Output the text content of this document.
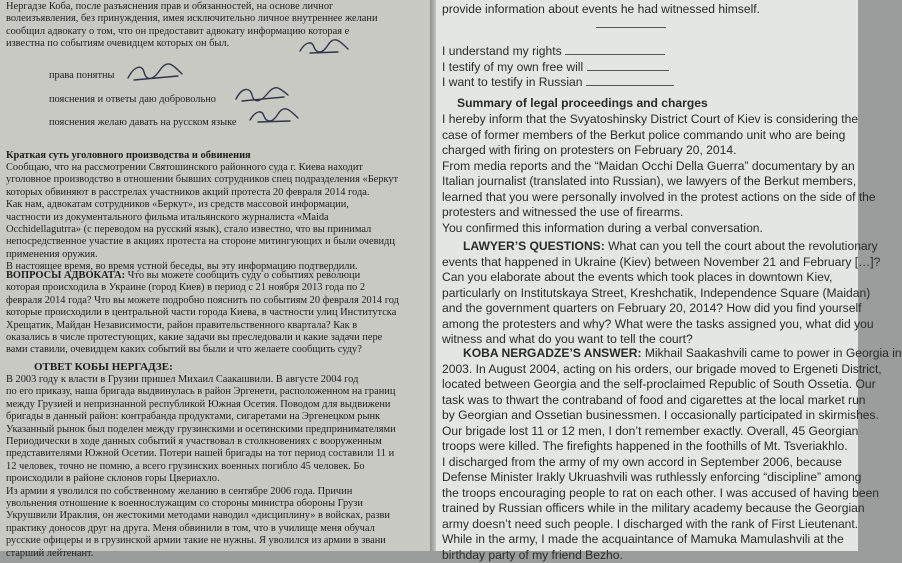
Нергадзе Коба, после разъяснения прав и обязанностей, на основе личног
волеизъявления, без принуждения, имея исключительно личное внутреннее желани
сообщил адвокату о том, что он предоставит адвокату информацию которая е
известна по событиям очевидцем которых он был.
права понятны
пояснения и ответы даю добровольно
пояснения желаю давать на русском языке
Краткая суть уголовного производства и обвинения
Сообщаю, что на рассмотрении Святошинского районного суда г. Киева находит
уголовное производство в отношении бывших сотрудников спец подразделения «Беркут
которых обвиняют в расстрелах участников акций протеста 20 февраля 2014 года.
Как нам, адвокатам сотрудников «Беркут», из средств массовой информации,
частности из документального фильма итальянского журналиста «Maida
Occhidellagutrra» (с переводом на русский язык), стало известно, что вы принимал
непосредственное участие в акциях протеста на стороне митингующих и были очевидц
применения оружия.
В настоящее время, во время устной беседы, вы эту информацию подтвердили.
ВОПРОСЫ АДВОКАТА: Что вы можете сообщить суду о событиях революци
которая происходила в Украине (город Киев) в период с 21 ноября 2013 года по 2
февраля 2014 года? Что вы можете подробно пояснить по событиям 20 февраля 2014 год
которые происходили в центральной части города Киева, в частности улиц Институтска
Хрещатик, Майдан Независимости, район правительственного квартала? Как в
оказались в числе протестующих, какие задачи вы преследовали и какие задачи пере
вами ставили, очевидцем каких событий вы были и что желаете сообщить суду?
ОТВЕТ КОБЫ НЕРГАДЗЕ:
В 2003 году к власти в Грузии пришел Михаил Саакашвили. В августе 2004 год
по его приказу, наша бригада выдвинулась в район Эргенети, расположенном на границ
между Грузией и непризнанной республикой Южная Осетия. Поводом для выдвижени
бригады в данный район: контрабанда продуктами, сигаретами на Эргенецком рынк
Указанный рынок был поделен между грузинскими и осетинскими предпринимателями
Периодически в ходе данных событий я участвовал в столкновениях с вооруженным
представителями Южной Осетии. Потери нашей бригады на тот период составили 11 и
12 человек, точно не помню, а всего грузинских военных погибло 45 человек. Бо
происходили в районе склонов горы Цвериахло.
Из армии я уволился по собственному желанию в сентябре 2006 года. Причин
увольнения отношение к военнослужащим со стороны министра обороны Грузи
Укрушвили Ираклия, он жестокими методами наводил «дисциплину» в войсках, разви
практику доносов друг на друга. Меня обвинили в том, что в училище меня обучал
русские офицеры и в грузинской армии такие не нужны. Я уволился из армии в звани
старший лейтенант.
provide information about events he had witnessed himself.
I understand my rights
I testify of my own free will
I want to testify in Russian
Summary of legal proceedings and charges
I hereby inform that the Svyatoshinsky District Court of Kiev is considering the
case of former members of the Berkut police commando unit who are being
charged with firing on protesters on February 20, 2014.
From media reports and the “Maidan Occhi Della Guerra” documentary by an
Italian journalist (translated into Russian), we lawyers of the Berkut members,
learned that you were personally involved in the protest actions on the side of the
protesters and witnessed the use of firearms.
You confirmed this information during a verbal conversation.
LAWYER’S QUESTIONS: What can you tell the court about the revolutionary
events that happened in Ukraine (Kiev) between November 21 and February […]?
Can you elaborate about the events which took places in downtown Kiev,
particularly on Institutskaya Street, Kreshchatik, Independence Square (Maidan)
and the government quarters on February 20, 2014? How did you find yourself
among the protesters and why? What were the tasks assigned you, what did you
witness and what do you want to tell the court?
KOBA NERGADZE’S ANSWER: Mikhail Saakashvili came to power in Georgia in
2003. In August 2004, acting on his orders, our brigade moved to Ergeneti District,
located between Georgia and the self-proclaimed Republic of South Ossetia. Our
task was to thwart the contraband of food and cigarettes at the local market run
by Georgian and Ossetian businessmen. I occasionally participated in skirmishes.
Our brigade lost 11 or 12 men, I don’t remember exactly. Overall, 45 Georgian
troops were killed. The firefights happened in the foothills of Mt. Tsveriakhlo.
I discharged from the army of my own accord in September 2006, because
Defense Minister Irakly Ukruashvili was ruthlessly enforcing “discipline” among
the troops encouraging people to rat on each other. I was accused of having been
trained by Russian officers while in the military academy because the Georgian
army doesn’t need such people. I discharged with the rank of First Lieutenant.
While in the army, I made the acquaintance of Mamuka Mamulashvili at the
birthday party of my friend Bezho.
